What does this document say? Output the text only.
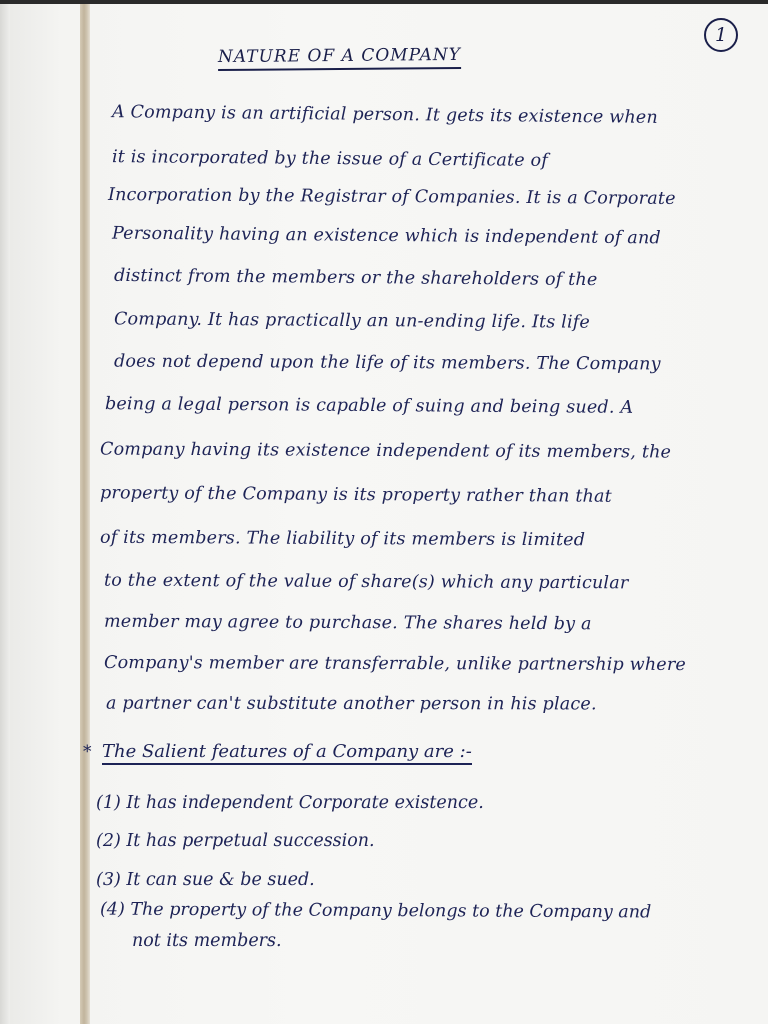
1
NATURE OF A COMPANY
A Company is an artificial person. It gets its existence when
it is incorporated by the issue of a Certificate of
Incorporation by the Registrar of Companies. It is a Corporate
Personality having an existence which is independent of and
distinct from the members or the shareholders of the
Company. It has practically an un-ending life. Its life
does not depend upon the life of its members. The Company
being a legal person is capable of suing and being sued. A
Company having its existence independent of its members, the
property of the Company is its property rather than that
of its members. The liability of its members is limited
to the extent of the value of share(s) which any particular
member may agree to purchase. The shares held by a
Company's member are transferrable, unlike partnership where
a partner can't substitute another person in his place.
* The Salient features of a Company are :-
(1) It has independent Corporate existence.
(2) It has perpetual succession.
(3) It can sue & be sued.
(4) The property of the Company belongs to the Company and
not its members.
